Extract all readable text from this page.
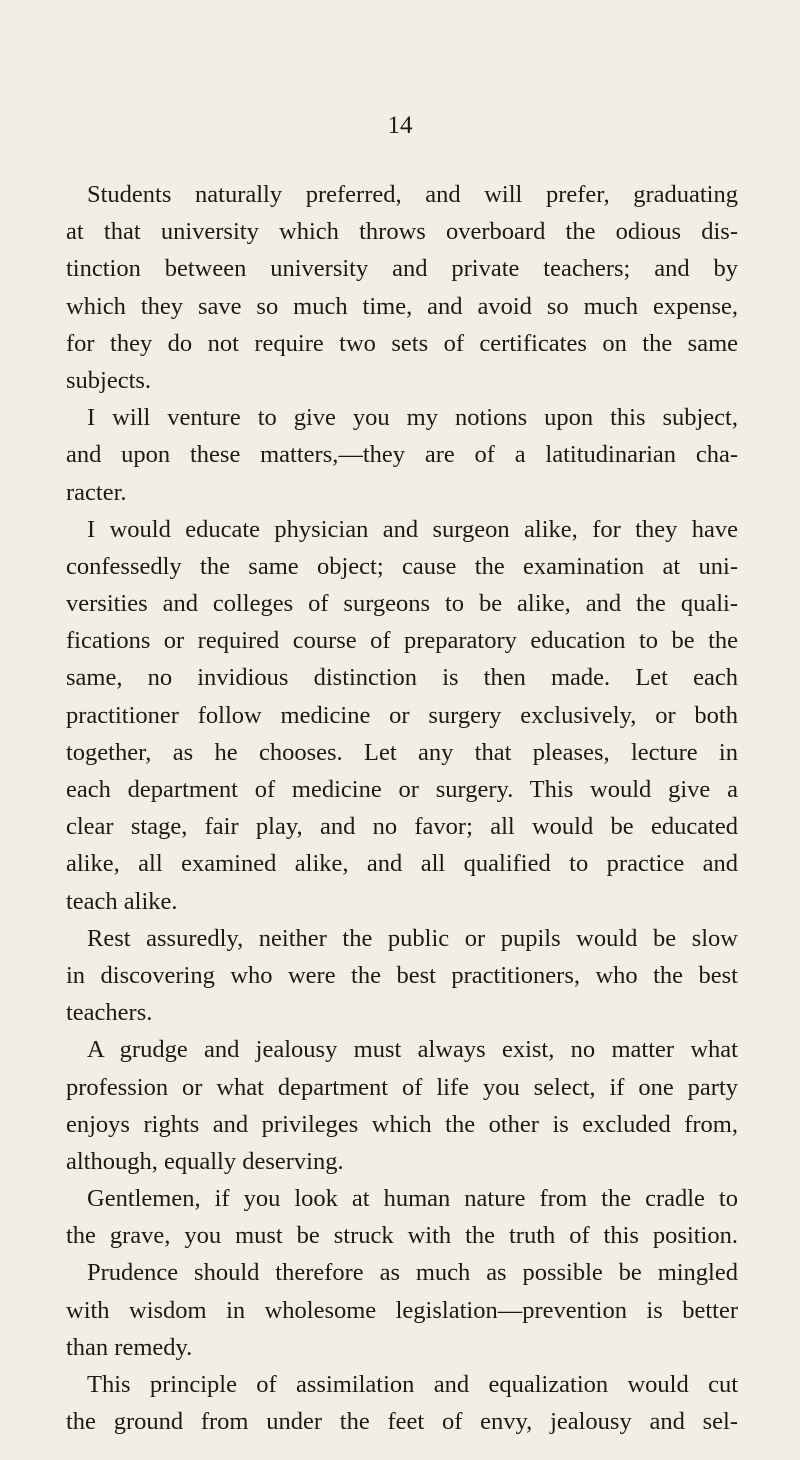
14
Students naturally preferred, and will prefer, graduating
at that university which throws overboard the odious dis-
tinction between university and private teachers; and by
which they save so much time, and avoid so much expense,
for they do not require two sets of certificates on the same
subjects.
I will venture to give you my notions upon this subject,
and upon these matters,—they are of a latitudinarian cha-
racter.
I would educate physician and surgeon alike, for they have
confessedly the same object; cause the examination at uni-
versities and colleges of surgeons to be alike, and the quali-
fications or required course of preparatory education to be the
same, no invidious distinction is then made. Let each
practitioner follow medicine or surgery exclusively, or both
together, as he chooses. Let any that pleases, lecture in
each department of medicine or surgery. This would give a
clear stage, fair play, and no favor; all would be educated
alike, all examined alike, and all qualified to practice and
teach alike.
Rest assuredly, neither the public or pupils would be slow
in discovering who were the best practitioners, who the best
teachers.
A grudge and jealousy must always exist, no matter what
profession or what department of life you select, if one party
enjoys rights and privileges which the other is excluded from,
although, equally deserving.
Gentlemen, if you look at human nature from the cradle to
the grave, you must be struck with the truth of this position.
Prudence should therefore as much as possible be mingled
with wisdom in wholesome legislation—prevention is better
than remedy.
This principle of assimilation and equalization would cut
the ground from under the feet of envy, jealousy and sel-
